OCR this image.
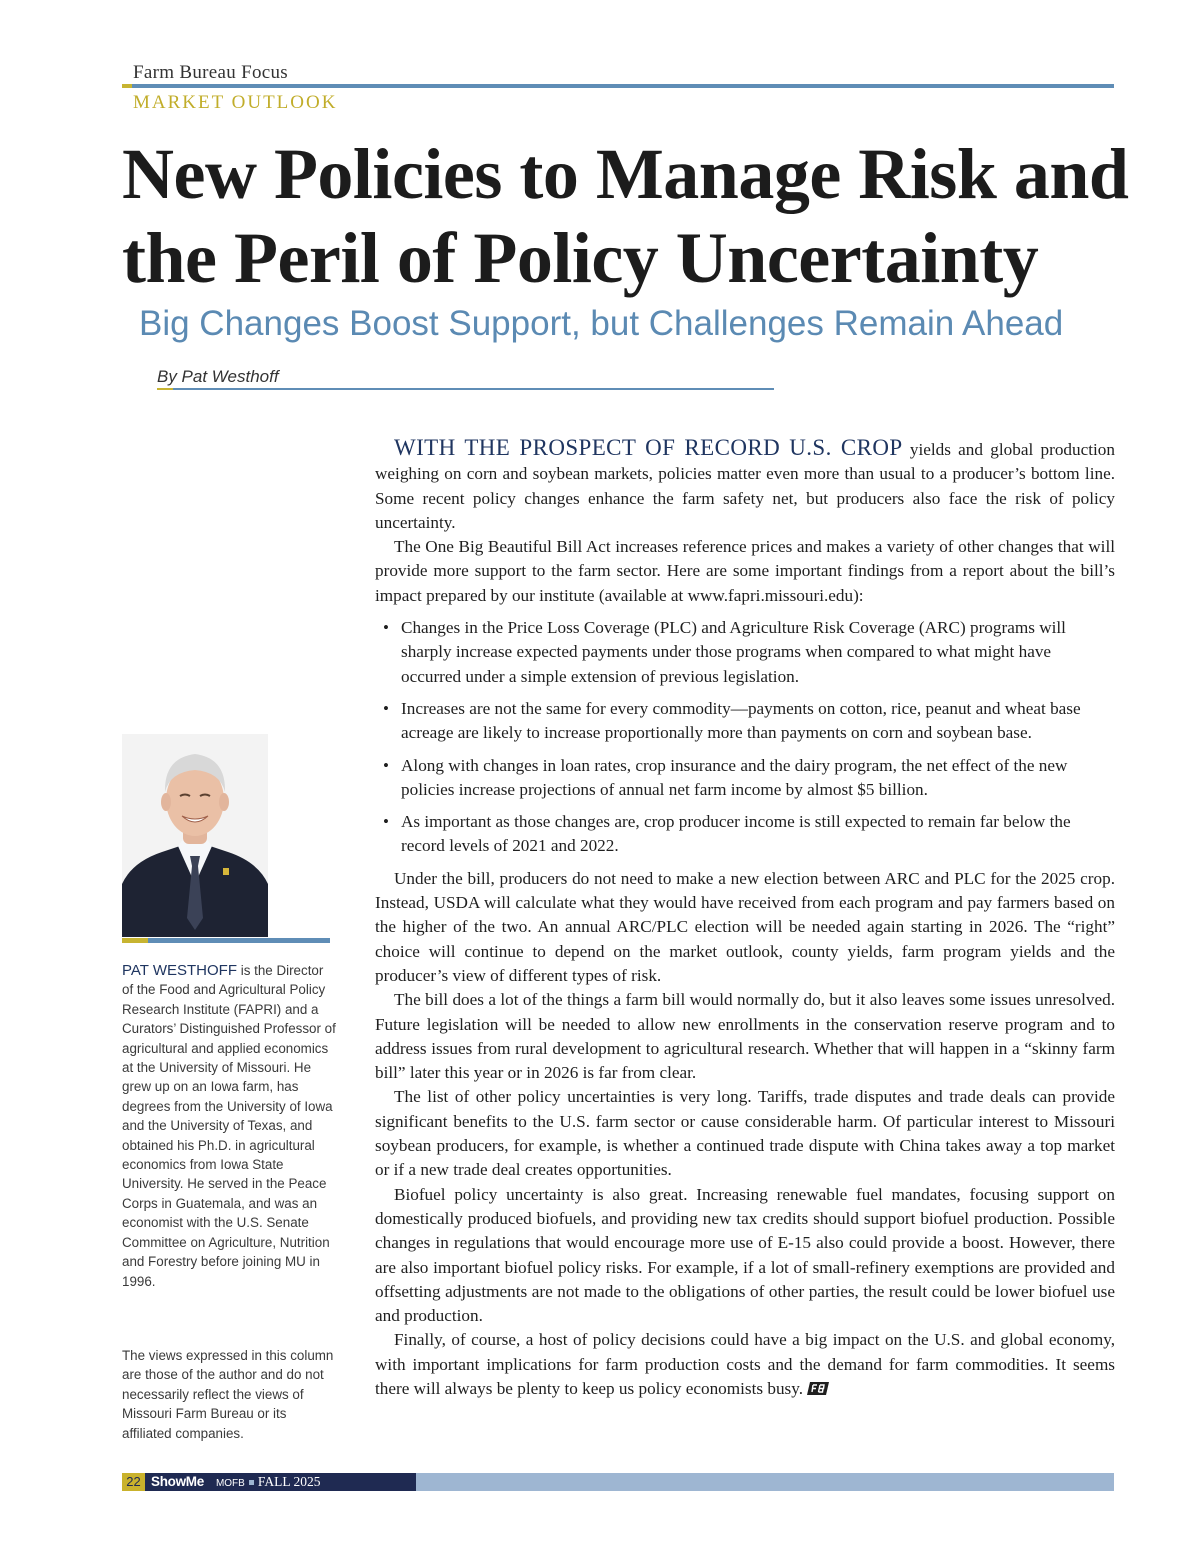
Farm Bureau Focus
MARKET OUTLOOK
New Policies to Manage Risk and
the Peril of Policy Uncertainty
Big Changes Boost Support, but Challenges Remain Ahead
By Pat Westhoff

PAT WESTHOFF is the Director of the Food and Agricultural Policy Research Institute (FAPRI) and a Curators’ Distinguished Professor of agricultural and applied economics at the University of Missouri. He grew up on an Iowa farm, has degrees from the University of Iowa and the University of Texas, and obtained his Ph.D. in agricultural economics from Iowa State University. He served in the Peace Corps in Guatemala, and was an economist with the U.S. Senate Committee on Agriculture, Nutrition and Forestry before joining MU in 1996.

The views expressed in this column are those of the author and do not necessarily reflect the views of Missouri Farm Bureau or its affiliated companies.

WITH THE PROSPECT OF RECORD U.S. CROP yields and global production weighing on corn and soybean markets, policies matter even more than usual to a producer’s bottom line. Some recent policy changes enhance the farm safety net, but producers also face the risk of policy uncertainty.

The One Big Beautiful Bill Act increases reference prices and makes a variety of other changes that will provide more support to the farm sector. Here are some important findings from a report about the bill’s impact prepared by our institute (available at www.fapri.missouri.edu):

• Changes in the Price Loss Coverage (PLC) and Agriculture Risk Coverage (ARC) programs will sharply increase expected payments under those programs when compared to what might have occurred under a simple extension of previous legislation.
• Increases are not the same for every commodity—payments on cotton, rice, peanut and wheat base acreage are likely to increase proportionally more than payments on corn and soybean base.
• Along with changes in loan rates, crop insurance and the dairy program, the net effect of the new policies increase projections of annual net farm income by almost $5 billion.
• As important as those changes are, crop producer income is still expected to remain far below the record levels of 2021 and 2022.

Under the bill, producers do not need to make a new election between ARC and PLC for the 2025 crop. Instead, USDA will calculate what they would have received from each program and pay farmers based on the higher of the two. An annual ARC/PLC election will be needed again starting in 2026. The “right” choice will continue to depend on the market outlook, county yields, farm program yields and the producer’s view of different types of risk.

The bill does a lot of the things a farm bill would normally do, but it also leaves some issues unresolved. Future legislation will be needed to allow new enrollments in the conservation reserve program and to address issues from rural development to agricultural research. Whether that will happen in a “skinny farm bill” later this year or in 2026 is far from clear.

The list of other policy uncertainties is very long. Tariffs, trade disputes and trade deals can provide significant benefits to the U.S. farm sector or cause considerable harm. Of particular interest to Missouri soybean producers, for example, is whether a continued trade dispute with China takes away a top market or if a new trade deal creates opportunities.

Biofuel policy uncertainty is also great. Increasing renewable fuel mandates, focusing support on domestically produced biofuels, and providing new tax credits should support biofuel production. Possible changes in regulations that would encourage more use of E-15 also could provide a boost. However, there are also important biofuel policy risks. For example, if a lot of small-refinery exemptions are provided and offsetting adjustments are not made to the obligations of other parties, the result could be lower biofuel use and production.

Finally, of course, a host of policy decisions could have a big impact on the U.S. and global economy, with important implications for farm production costs and the demand for farm commodities. It seems there will always be plenty to keep us policy economists busy.

22 ShowMe MOFB FALL 2025
